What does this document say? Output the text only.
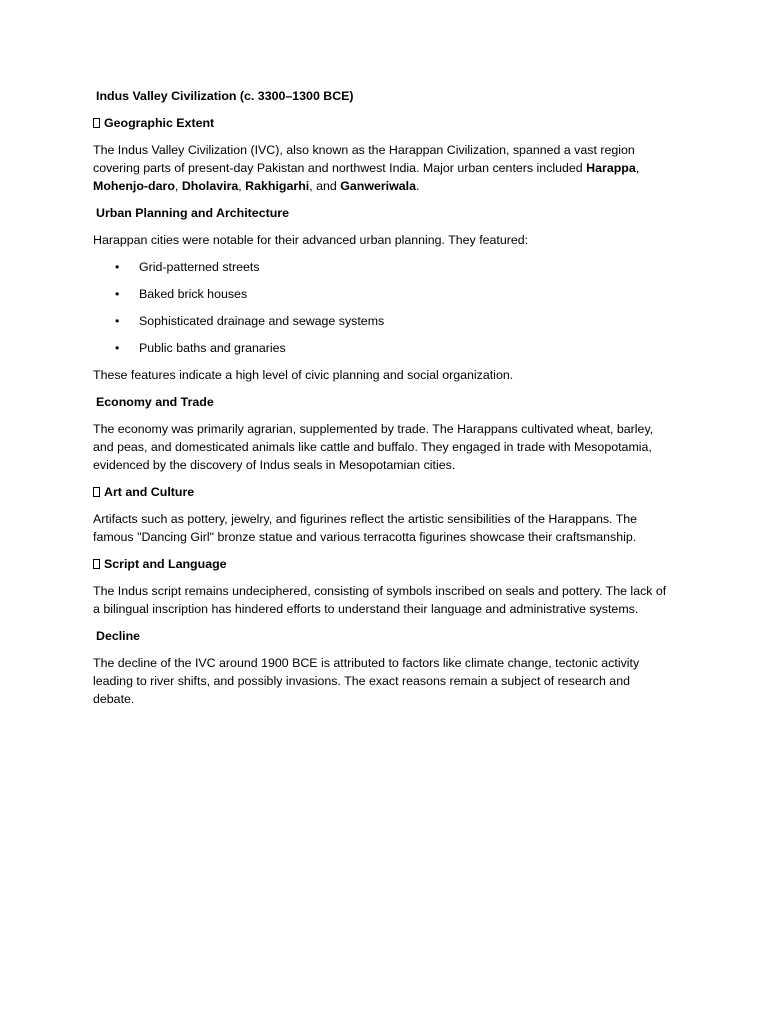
Indus Valley Civilization (c. 3300–1300 BCE)
Geographic Extent

The Indus Valley Civilization (IVC), also known as the Harappan Civilization, spanned a vast region covering parts of present-day Pakistan and northwest India. Major urban centers included Harappa, Mohenjo-daro, Dholavira, Rakhigarhi, and Ganweriwala.

Urban Planning and Architecture

Harappan cities were notable for their advanced urban planning. They featured:

• Grid-patterned streets
• Baked brick houses
• Sophisticated drainage and sewage systems
• Public baths and granaries

These features indicate a high level of civic planning and social organization.

Economy and Trade

The economy was primarily agrarian, supplemented by trade. The Harappans cultivated wheat, barley, and peas, and domesticated animals like cattle and buffalo. They engaged in trade with Mesopotamia, evidenced by the discovery of Indus seals in Mesopotamian cities.

Art and Culture

Artifacts such as pottery, jewelry, and figurines reflect the artistic sensibilities of the Harappans. The famous "Dancing Girl" bronze statue and various terracotta figurines showcase their craftsmanship.

Script and Language

The Indus script remains undeciphered, consisting of symbols inscribed on seals and pottery. The lack of a bilingual inscription has hindered efforts to understand their language and administrative systems.

Decline

The decline of the IVC around 1900 BCE is attributed to factors like climate change, tectonic activity leading to river shifts, and possibly invasions. The exact reasons remain a subject of research and debate.
